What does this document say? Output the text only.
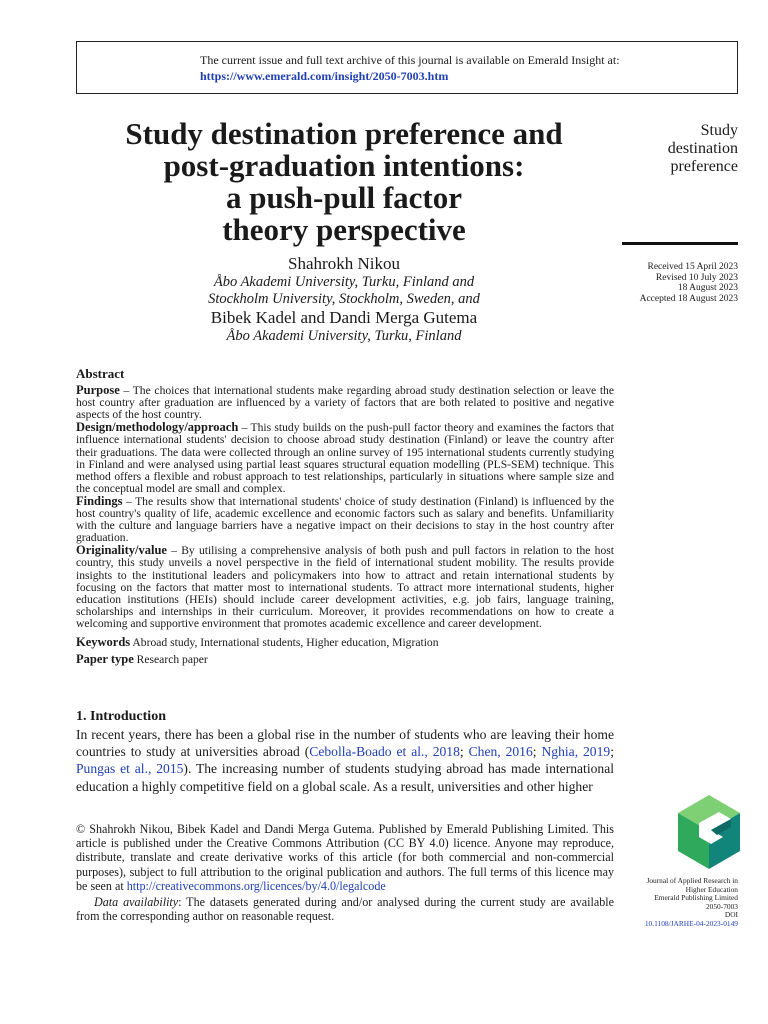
The current issue and full text archive of this journal is available on Emerald Insight at:
https://www.emerald.com/insight/2050-7003.htm
Study destination preference and
post-graduation intentions:
a push-pull factor
theory perspective
Study
destination
preference
Received 15 April 2023
Revised 10 July 2023
18 August 2023
Accepted 18 August 2023
Shahrokh Nikou
Åbo Akademi University, Turku, Finland and
Stockholm University, Stockholm, Sweden, and
Bibek Kadel and Dandi Merga Gutema
Åbo Akademi University, Turku, Finland
Abstract

Purpose – The choices that international students make regarding abroad study destination selection or leave the host country after graduation are influenced by a variety of factors that are both related to positive and negative aspects of the host country.

Design/methodology/approach – This study builds on the push-pull factor theory and examines the factors that influence international students' decision to choose abroad study destination (Finland) or leave the country after their graduations. The data were collected through an online survey of 195 international students currently studying in Finland and were analysed using partial least squares structural equation modelling (PLS-SEM) technique. This method offers a flexible and robust approach to test relationships, particularly in situations where sample size and the conceptual model are small and complex.

Findings – The results show that international students' choice of study destination (Finland) is influenced by the host country's quality of life, academic excellence and economic factors such as salary and benefits. Unfamiliarity with the culture and language barriers have a negative impact on their decisions to stay in the host country after graduation.

Originality/value – By utilising a comprehensive analysis of both push and pull factors in relation to the host country, this study unveils a novel perspective in the field of international student mobility. The results provide insights to the institutional leaders and policymakers into how to attract and retain international students by focusing on the factors that matter most to international students. To attract more international students, higher education institutions (HEIs) should include career development activities, e.g. job fairs, language training, scholarships and internships in their curriculum. Moreover, it provides recommendations on how to create a welcoming and supportive environment that promotes academic excellence and career development.

Keywords Abroad study, International students, Higher education, Migration
Paper type Research paper

1. Introduction

In recent years, there has been a global rise in the number of students who are leaving their home countries to study at universities abroad (Cebolla-Boado et al., 2018; Chen, 2016; Nghia, 2019; Pungas et al., 2015). The increasing number of students studying abroad has made international education a highly competitive field on a global scale. As a result, universities and other higher

© Shahrokh Nikou, Bibek Kadel and Dandi Merga Gutema. Published by Emerald Publishing Limited. This article is published under the Creative Commons Attribution (CC BY 4.0) licence. Anyone may reproduce, distribute, translate and create derivative works of this article (for both commercial and non-commercial purposes), subject to full attribution to the original publication and authors. The full terms of this licence may be seen at http://creativecommons.org/licences/by/4.0/legalcode

Data availability: The datasets generated during and/or analysed during the current study are available from the corresponding author on reasonable request.

Journal of Applied Research in
Higher Education
Emerald Publishing Limited
2050-7003
DOI
10.1108/JARHE-04-2023-0149
